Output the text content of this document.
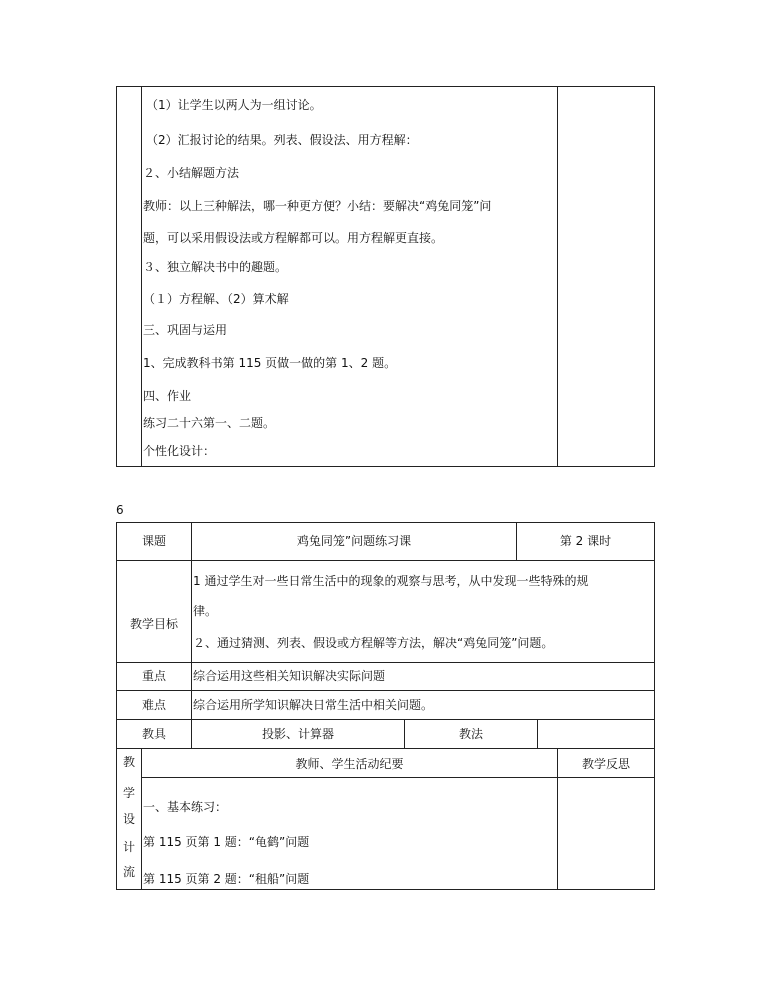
（1）让学生以两人为一组讨论。
（2）汇报讨论的结果。列表、假设法、用方程解：
２、小结解题方法
教师：以上三种解法，哪一种更方便？小结：要解决“鸡兔同笼”问
题，可以采用假设法或方程解都可以。用方程解更直接。
３、独立解决书中的趣题。
（１）方程解、（2）算术解
三、巩固与运用
1、完成教科书第 115 页做一做的第 1、2 题。
四、作业
练习二十六第一、二题。
个性化设计：
6
课题	鸡兔同笼”问题练习课	第 2 课时
教学目标
1 通过学生对一些日常生活中的现象的观察与思考，从中发现一些特殊的规
律。
２、通过猜测、列表、假设或方程解等方法，解决“鸡兔同笼”问题。
重点	综合运用这些相关知识解决实际问题
难点	综合运用所学知识解决日常生活中相关问题。
教具	投影、计算器	教法
教
学
设
计
流
教师、学生活动纪要	教学反思
一、基本练习：
第 115 页第 1 题：“龟鹤”问题
第 115 页第 2 题：“租船”问题
